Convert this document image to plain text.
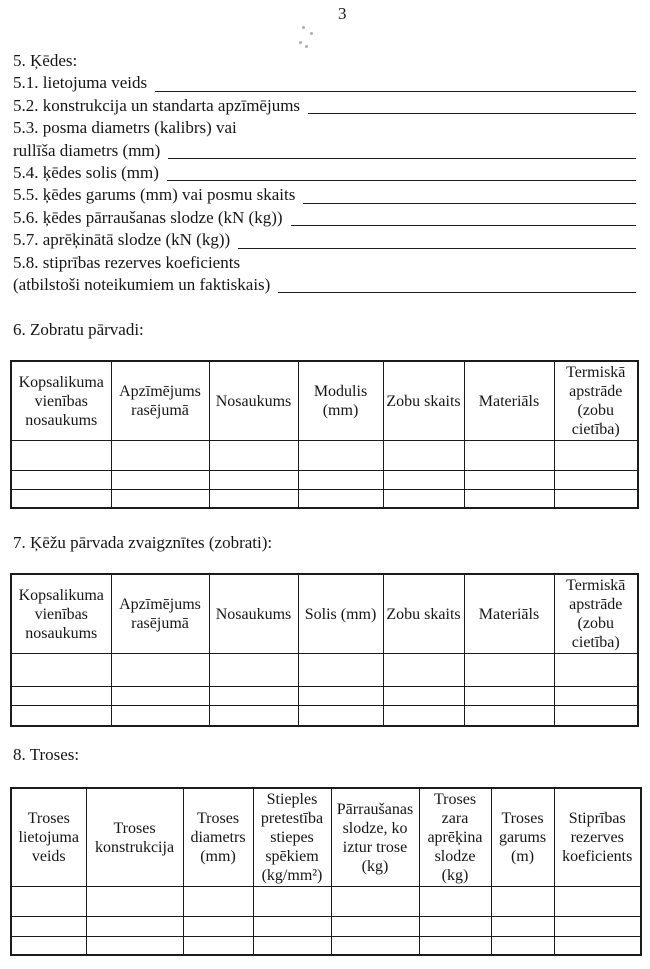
3
5. Ķēdes:
5.1. lietojuma veids
5.2. konstrukcija un standarta apzīmējums
5.3. posma diametrs (kalibrs) vai
rullīša diametrs (mm)
5.4. ķēdes solis (mm)
5.5. ķēdes garums (mm) vai posmu skaits
5.6. ķēdes pārraušanas slodze (kN (kg))
5.7. aprēķinātā slodze (kN (kg))
5.8. stiprības rezerves koeficients
(atbilstoši noteikumiem un faktiskais)
6. Zobratu pārvadi:
Kopsalikuma vienības nosaukums	Apzīmējums rasējumā	Nosaukums	Modulis (mm)	Zobu skaits	Materiāls	Termiskā apstrāde (zobu cietība)

7. Ķēžu pārvada zvaigznītes (zobrati):
Kopsalikuma vienības nosaukums	Apzīmējums rasējumā	Nosaukums	Solis (mm)	Zobu skaits	Materiāls	Termiskā apstrāde (zobu cietība)

8. Troses:
Troses lietojuma veids	Troses konstrukcija	Troses diametrs (mm)	Stieples pretestība stiepes spēkiem (kg/mm²)	Pārraušanas slodze, ko iztur trose (kg)	Troses zara aprēķina slodze (kg)	Troses garums (m)	Stiprības rezerves koeficients
